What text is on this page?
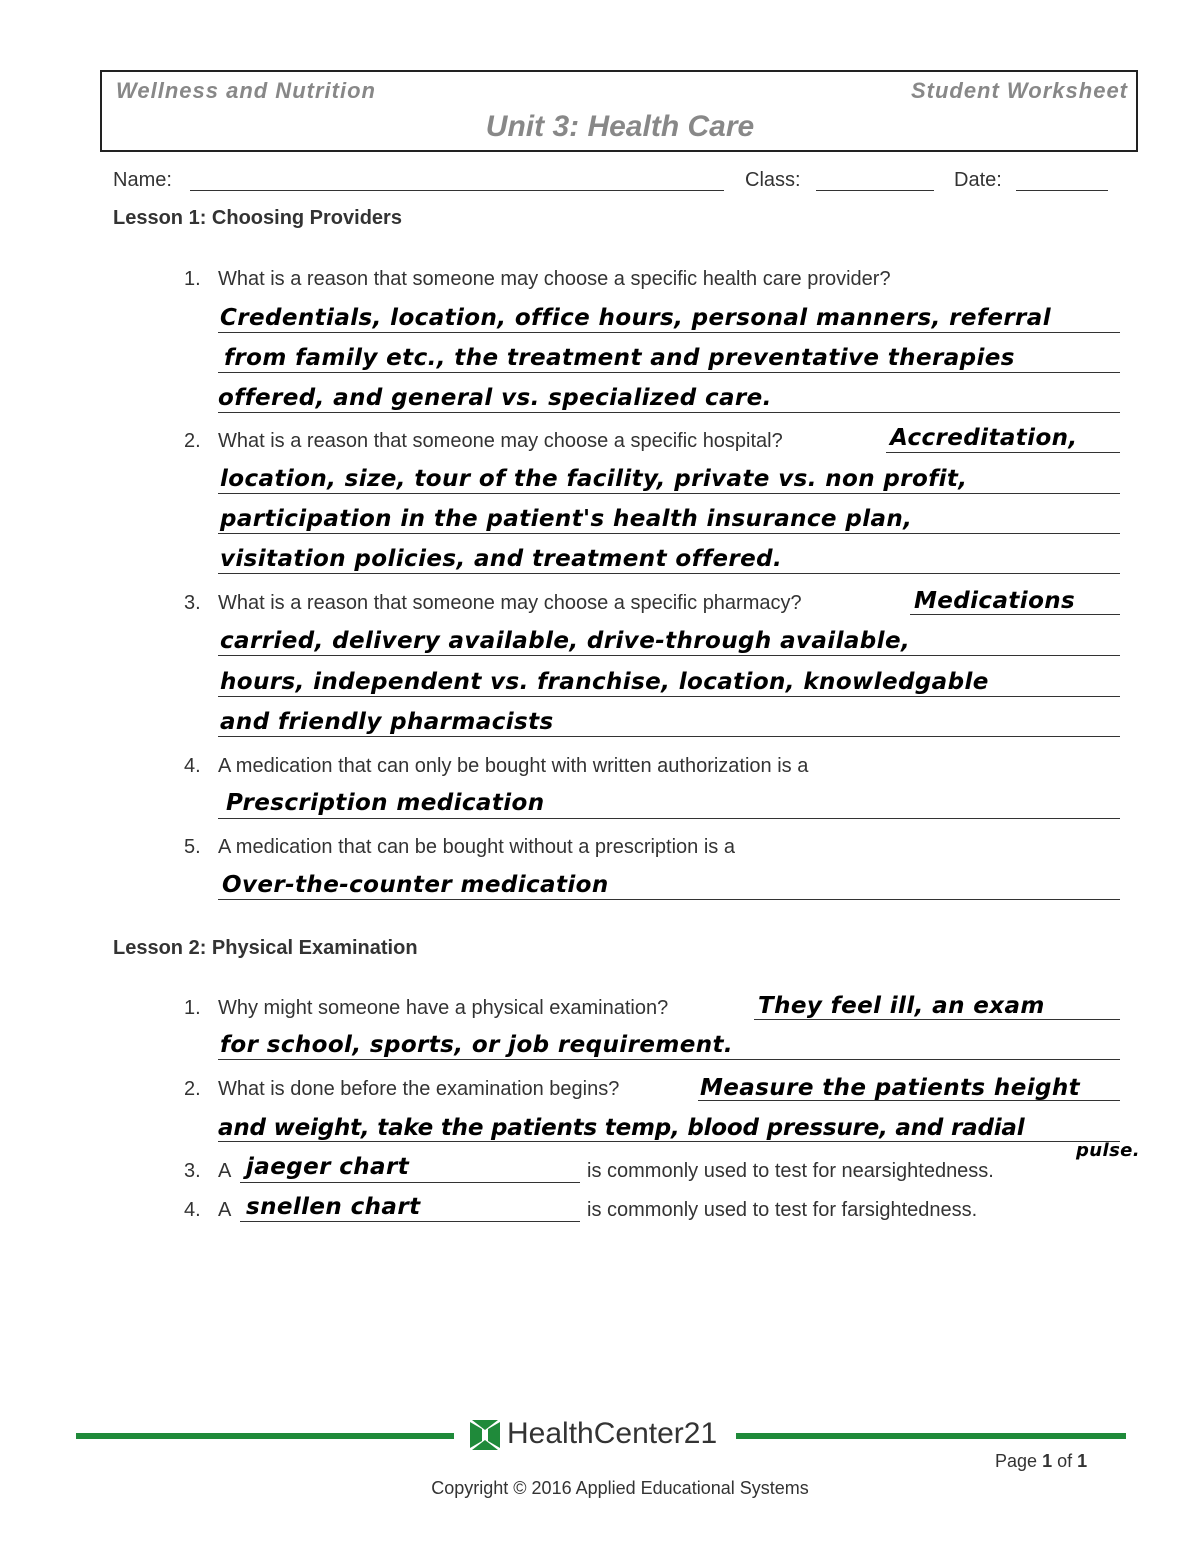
Wellness and Nutrition	Student Worksheet
Unit 3: Health Care
Name:	Class:	Date:
Lesson 1: Choosing Providers
1. What is a reason that someone may choose a specific health care provider?
Credentials, location, office hours, personal manners, referral
from family etc., the treatment and preventative therapies
offered, and general vs. specialized care.
2. What is a reason that someone may choose a specific hospital?	Accreditation,
location, size, tour of the facility, private vs. non profit,
participation in the patient's health insurance plan,
visitation policies, and treatment offered.
3. What is a reason that someone may choose a specific pharmacy?	Medications
carried, delivery available, drive-through available,
hours, independent vs. franchise, location, knowledgable
and friendly pharmacists
4. A medication that can only be bought with written authorization is a
Prescription medication
5. A medication that can be bought without a prescription is a
Over-the-counter medication
Lesson 2: Physical Examination
1. Why might someone have a physical examination?	They feel ill, an exam
for school, sports, or job requirement.
2. What is done before the examination begins?	Measure the patients height
and weight, take the patients temp, blood pressure, and radial
pulse.
3. A jaeger chart	is commonly used to test for nearsightedness.
4. A snellen chart	is commonly used to test for farsightedness.
HealthCenter21
Page 1 of 1
Copyright © 2016 Applied Educational Systems
